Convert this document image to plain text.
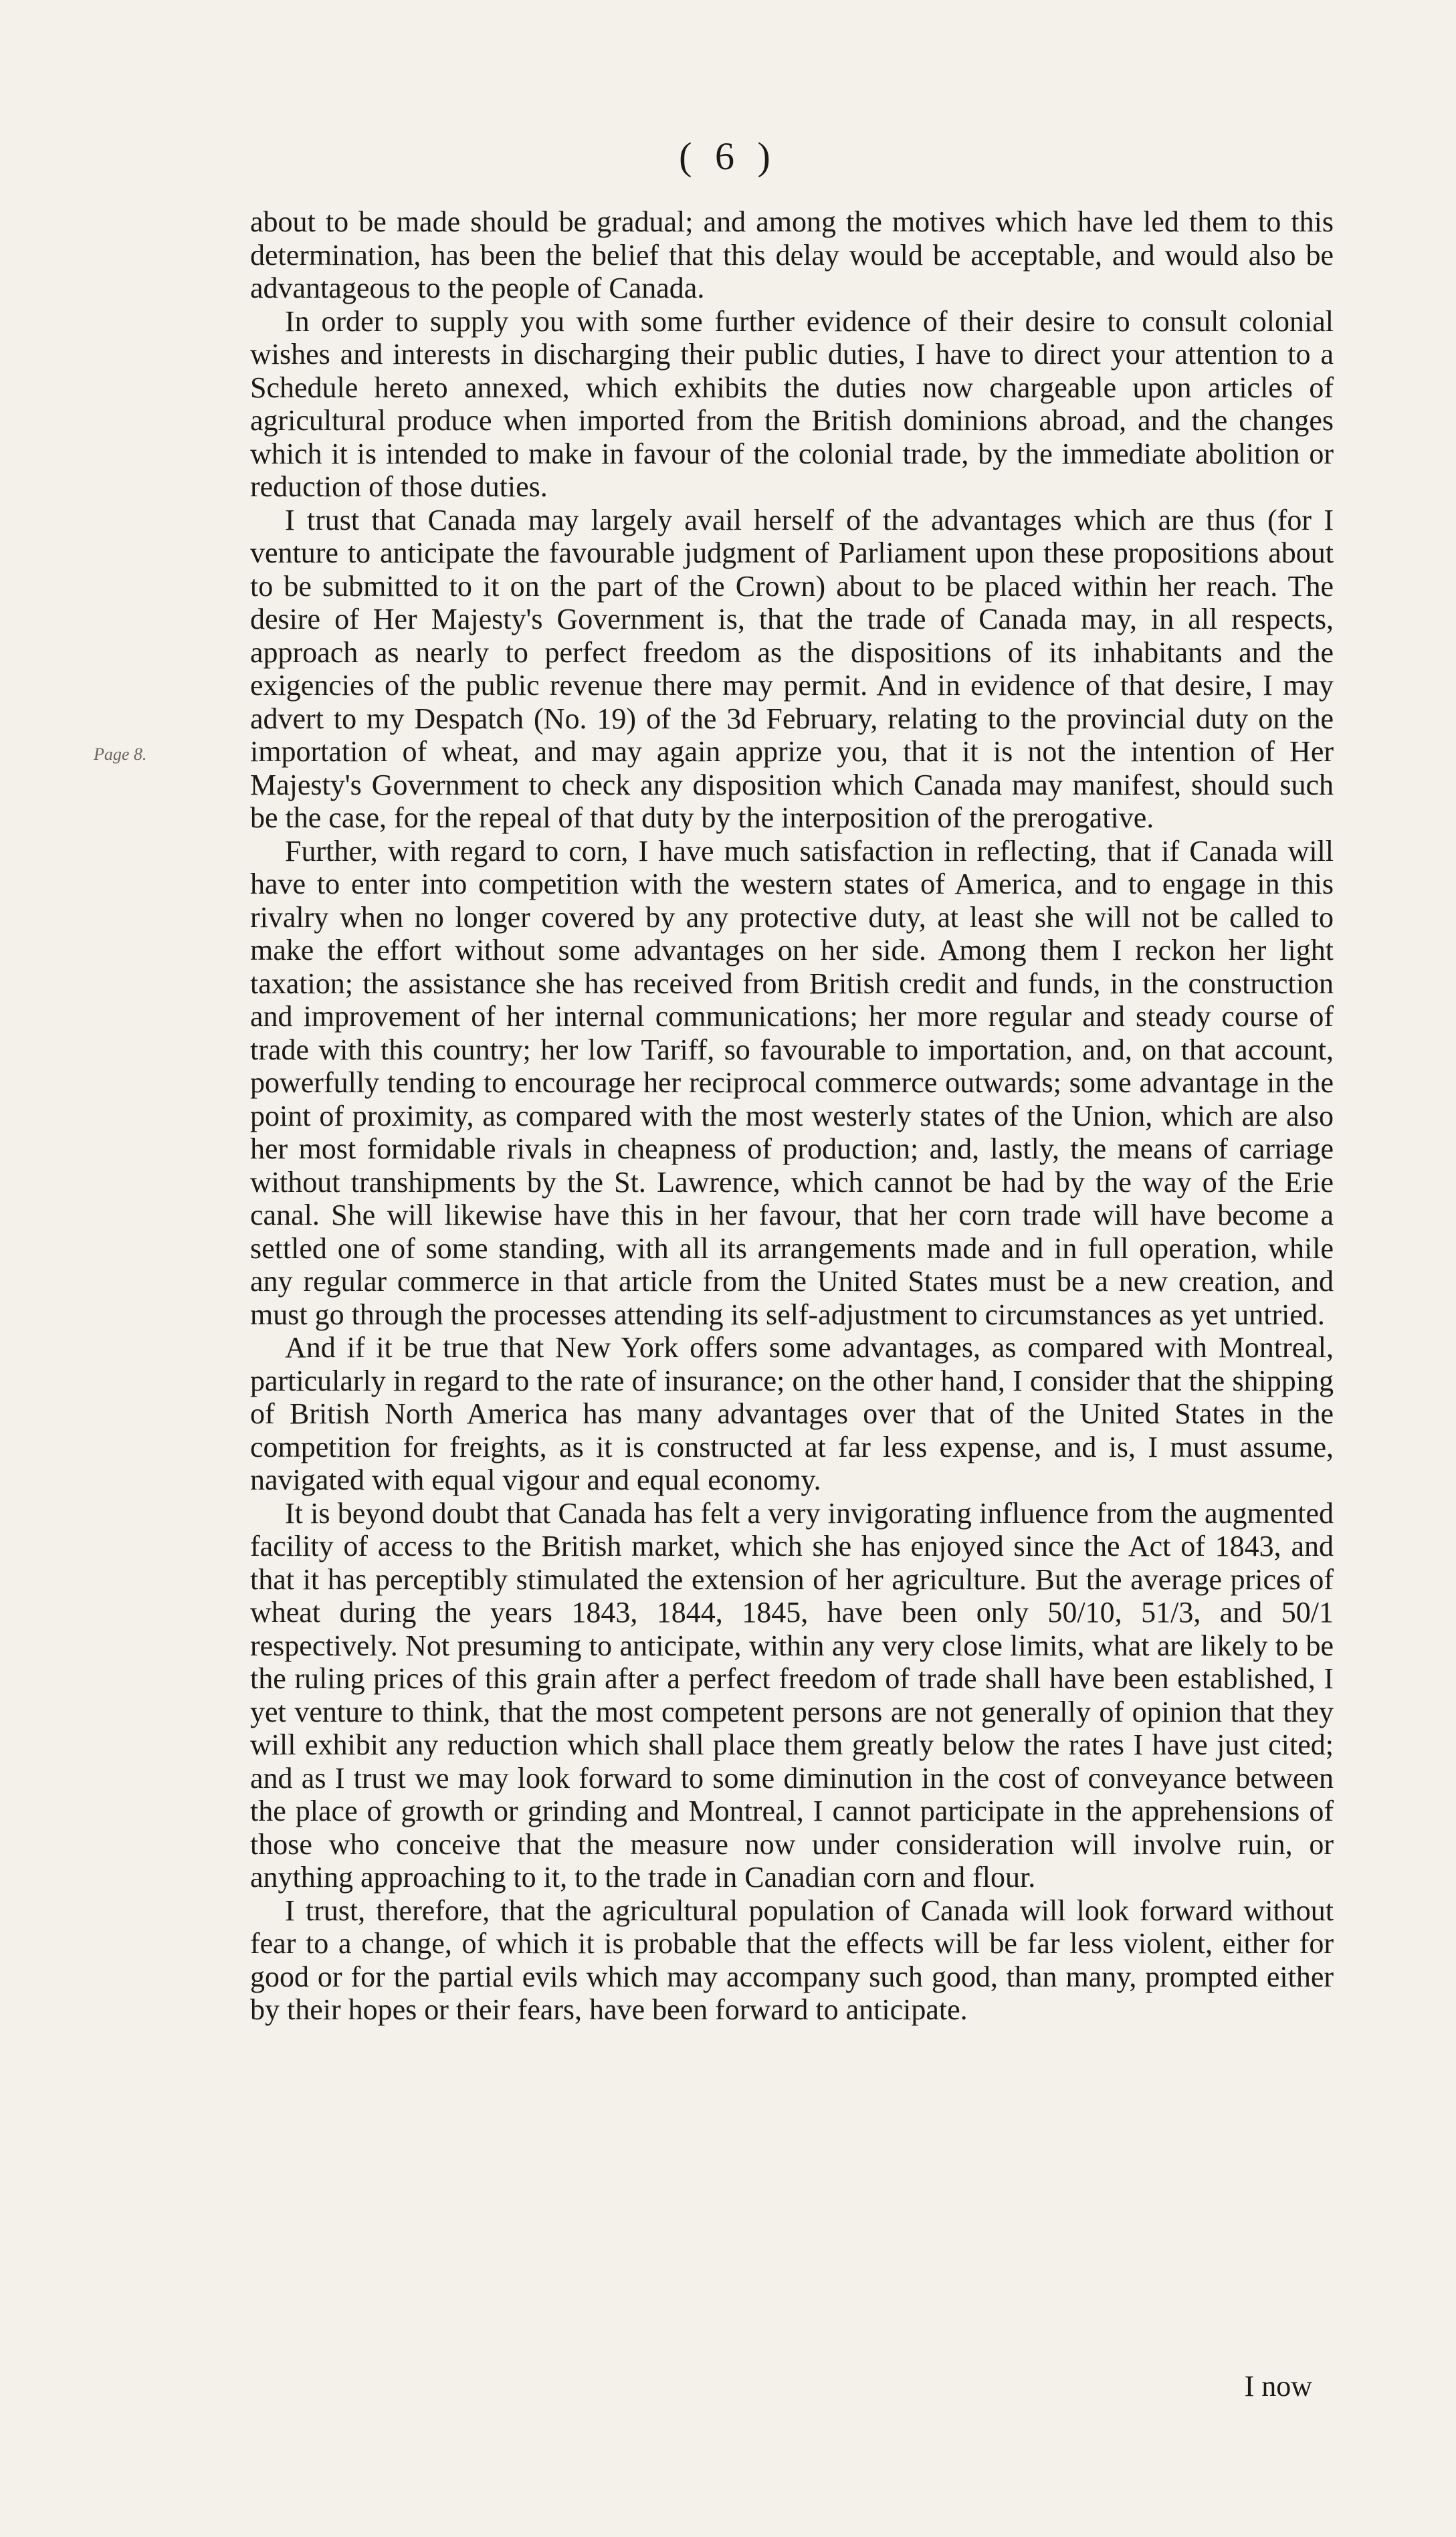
( 6 )
Page 8.

about to be made should be gradual; and among the motives which have led them to this determination, has been the belief that this delay would be acceptable, and would also be advantageous to the people of Canada.

In order to supply you with some further evidence of their desire to consult colonial wishes and interests in discharging their public duties, I have to direct your attention to a Schedule hereto annexed, which exhibits the duties now chargeable upon articles of agricultural produce when imported from the British dominions abroad, and the changes which it is intended to make in favour of the colonial trade, by the immediate abolition or reduction of those duties.

I trust that Canada may largely avail herself of the advantages which are thus (for I venture to anticipate the favourable judgment of Parliament upon these propositions about to be submitted to it on the part of the Crown) about to be placed within her reach. The desire of Her Majesty's Government is, that the trade of Canada may, in all respects, approach as nearly to perfect freedom as the dispositions of its inhabitants and the exigencies of the public revenue there may permit. And in evidence of that desire, I may advert to my Despatch (No. 19) of the 3d February, relating to the provincial duty on the importation of wheat, and may again apprize you, that it is not the intention of Her Majesty's Government to check any disposition which Canada may manifest, should such be the case, for the repeal of that duty by the interposition of the prerogative.

Further, with regard to corn, I have much satisfaction in reflecting, that if Canada will have to enter into competition with the western states of America, and to engage in this rivalry when no longer covered by any protective duty, at least she will not be called to make the effort without some advantages on her side. Among them I reckon her light taxation; the assistance she has received from British credit and funds, in the construction and improvement of her internal communications; her more regular and steady course of trade with this country; her low Tariff, so favourable to importation, and, on that account, powerfully tending to encourage her reciprocal commerce outwards; some advantage in the point of proximity, as compared with the most westerly states of the Union, which are also her most formidable rivals in cheapness of production; and, lastly, the means of carriage without transhipments by the St. Lawrence, which cannot be had by the way of the Erie canal. She will likewise have this in her favour, that her corn trade will have become a settled one of some standing, with all its arrangements made and in full operation, while any regular commerce in that article from the United States must be a new creation, and must go through the processes attending its self-adjustment to circumstances as yet untried.

And if it be true that New York offers some advantages, as compared with Montreal, particularly in regard to the rate of insurance; on the other hand, I consider that the shipping of British North America has many advantages over that of the United States in the competition for freights, as it is constructed at far less expense, and is, I must assume, navigated with equal vigour and equal economy.

It is beyond doubt that Canada has felt a very invigorating influence from the augmented facility of access to the British market, which she has enjoyed since the Act of 1843, and that it has perceptibly stimulated the extension of her agriculture. But the average prices of wheat during the years 1843, 1844, 1845, have been only 50/10, 51/3, and 50/1 respectively. Not presuming to anticipate, within any very close limits, what are likely to be the ruling prices of this grain after a perfect freedom of trade shall have been established, I yet venture to think, that the most competent persons are not generally of opinion that they will exhibit any reduction which shall place them greatly below the rates I have just cited; and as I trust we may look forward to some diminution in the cost of conveyance between the place of growth or grinding and Montreal, I cannot participate in the apprehensions of those who conceive that the measure now under consideration will involve ruin, or anything approaching to it, to the trade in Canadian corn and flour.

I trust, therefore, that the agricultural population of Canada will look forward without fear to a change, of which it is probable that the effects will be far less violent, either for good or for the partial evils which may accompany such good, than many, prompted either by their hopes or their fears, have been forward to anticipate.

I now
